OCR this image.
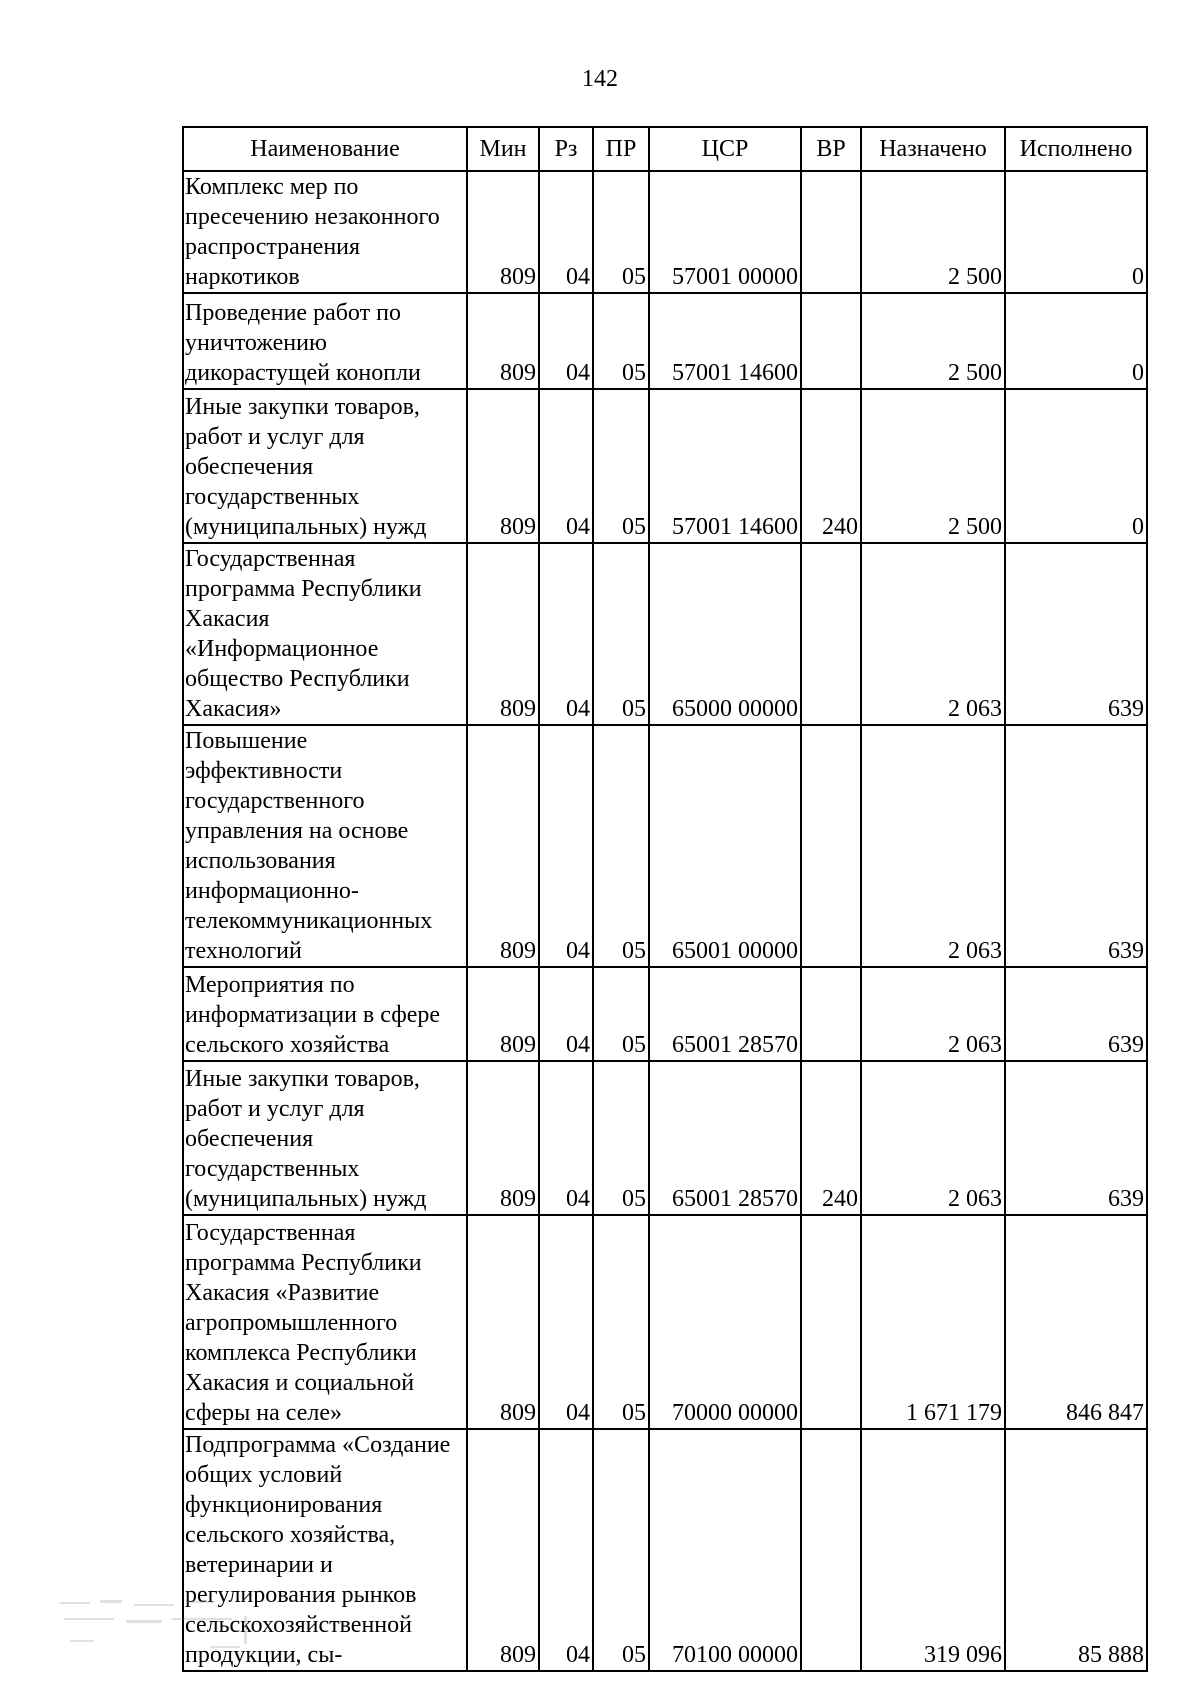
142
Наименование	Мин	Рз	ПР	ЦСР	ВР	Назначено	Исполнено
Комплекс мер по пресечению незаконного распространения наркотиков	809	04	05	57001 00000		2 500	0
Проведение работ по уничтожению дикорастущей конопли	809	04	05	57001 14600		2 500	0
Иные закупки товаров, работ и услуг для обеспечения государственных (муниципальных) нужд	809	04	05	57001 14600	240	2 500	0
Государственная программа Республики Хакасия «Информационное общество Республики Хакасия»	809	04	05	65000 00000		2 063	639
Повышение эффективности государственного управления на основе использования информационно-телекоммуникационных технологий	809	04	05	65001 00000		2 063	639
Мероприятия по информатизации в сфере сельского хозяйства	809	04	05	65001 28570		2 063	639
Иные закупки товаров, работ и услуг для обеспечения государственных (муниципальных) нужд	809	04	05	65001 28570	240	2 063	639
Государственная программа Республики Хакасия «Развитие агропромышленного комплекса Республики Хакасия и социальной сферы на селе»	809	04	05	70000 00000		1 671 179	846 847
Подпрограмма «Создание общих условий функционирования сельского хозяйства, ветеринарии и регулирования рынков сельскохозяйственной продукции, сы-	809	04	05	70100 00000		319 096	85 888
